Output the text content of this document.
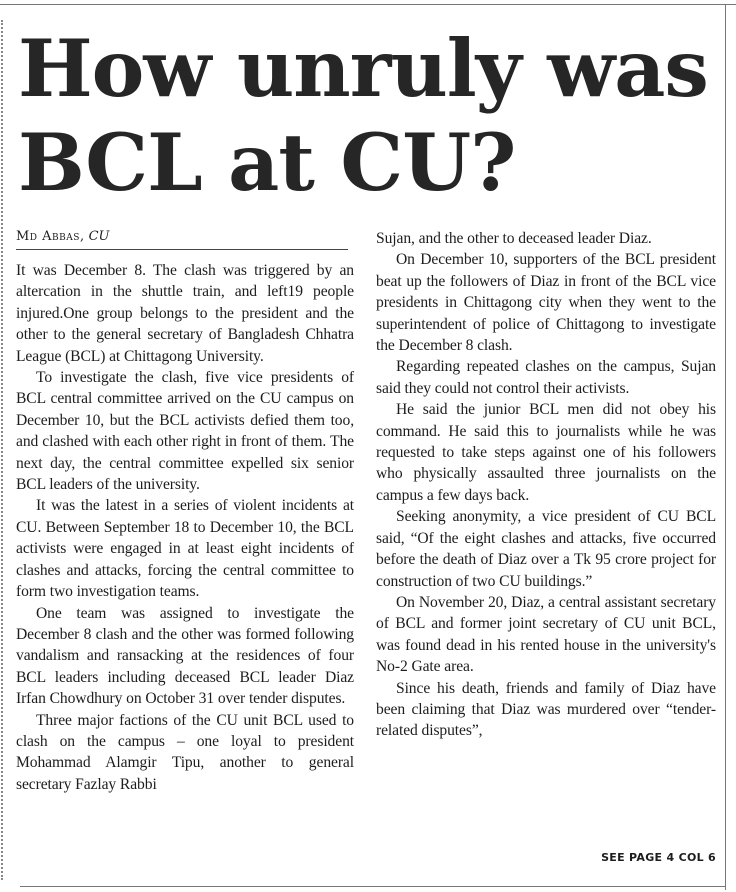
How unruly was BCL at CU?
Md Abbas, CU

It was December 8. The clash was triggered by an altercation in the shuttle train, and left19 people injured.One group belongs to the president and the other to the general secretary of Bangladesh Chhatra League (BCL) at Chittagong University.

To investigate the clash, five vice presidents of BCL central committee arrived on the CU campus on December 10, but the BCL activists defied them too, and clashed with each other right in front of them. The next day, the central committee expelled six senior BCL leaders of the university.

It was the latest in a series of violent incidents at CU. Between September 18 to December 10, the BCL activists were engaged in at least eight incidents of clashes and attacks, forcing the central committee to form two investigation teams.

One team was assigned to investigate the December 8 clash and the other was formed following vandalism and ransacking at the residences of four BCL leaders including deceased BCL leader Diaz Irfan Chowdhury on October 31 over tender disputes.

Three major factions of the CU unit BCL used to clash on the campus – one loyal to president Mohammad Alamgir Tipu, another to general secretary Fazlay Rabbi

Sujan, and the other to deceased leader Diaz.

On December 10, supporters of the BCL president beat up the followers of Diaz in front of the BCL vice presidents in Chittagong city when they went to the superintendent of police of Chittagong to investigate the December 8 clash.

Regarding repeated clashes on the campus, Sujan said they could not control their activists.

He said the junior BCL men did not obey his command. He said this to journalists while he was requested to take steps against one of his followers who physically assaulted three journalists on the campus a few days back.

Seeking anonymity, a vice president of CU BCL said, “Of the eight clashes and attacks, five occurred before the death of Diaz over a Tk 95 crore project for construction of two CU buildings.”

On November 20, Diaz, a central assistant secretary of BCL and former joint secretary of CU unit BCL, was found dead in his rented house in the university's No-2 Gate area.

Since his death, friends and family of Diaz have been claiming that Diaz was murdered over “tender-related disputes”,

SEE PAGE 4 COL 6
